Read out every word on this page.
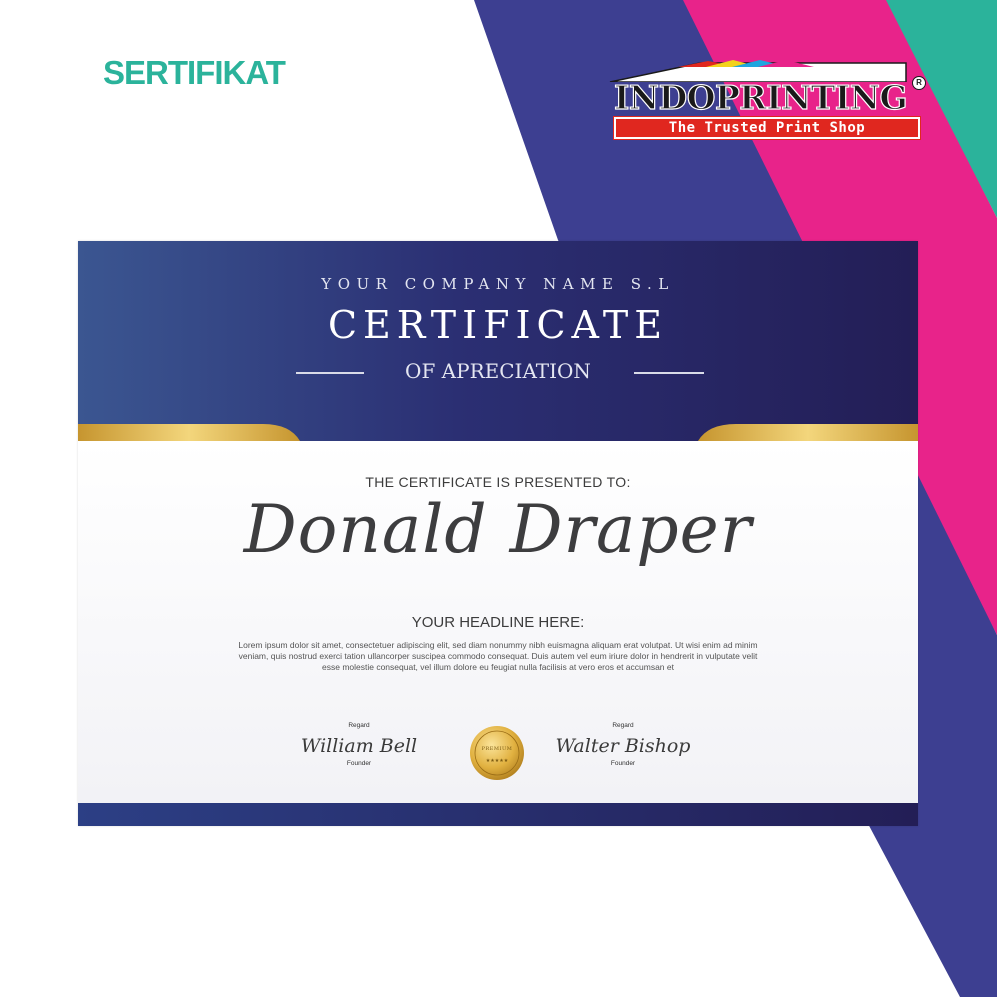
SERTIFIKAT
INDOPRINTING	R
The Trusted Print Shop
YOUR COMPANY NAME S.L
CERTIFICATE
OF APRECIATION
THE CERTIFICATE IS PRESENTED TO:
Donald Draper
YOUR HEADLINE HERE:
Lorem ipsum dolor sit amet, consectetuer adipiscing elit, sed diam nonummy nibh euismagna aliquam erat volutpat. Ut wisi enim ad minim veniam, quis nostrud exerci tation ullancorper suscipea commodo consequat. Duis autem vel eum iriure dolor in hendrerit in vulputate velit esse molestie consequat, vel illum dolore eu feugiat nulla facilisis at vero eros et accumsan et
Regard
William Bell
Founder	★★★★★
PREMIUM
Regard
Walter Bishop
Founder
